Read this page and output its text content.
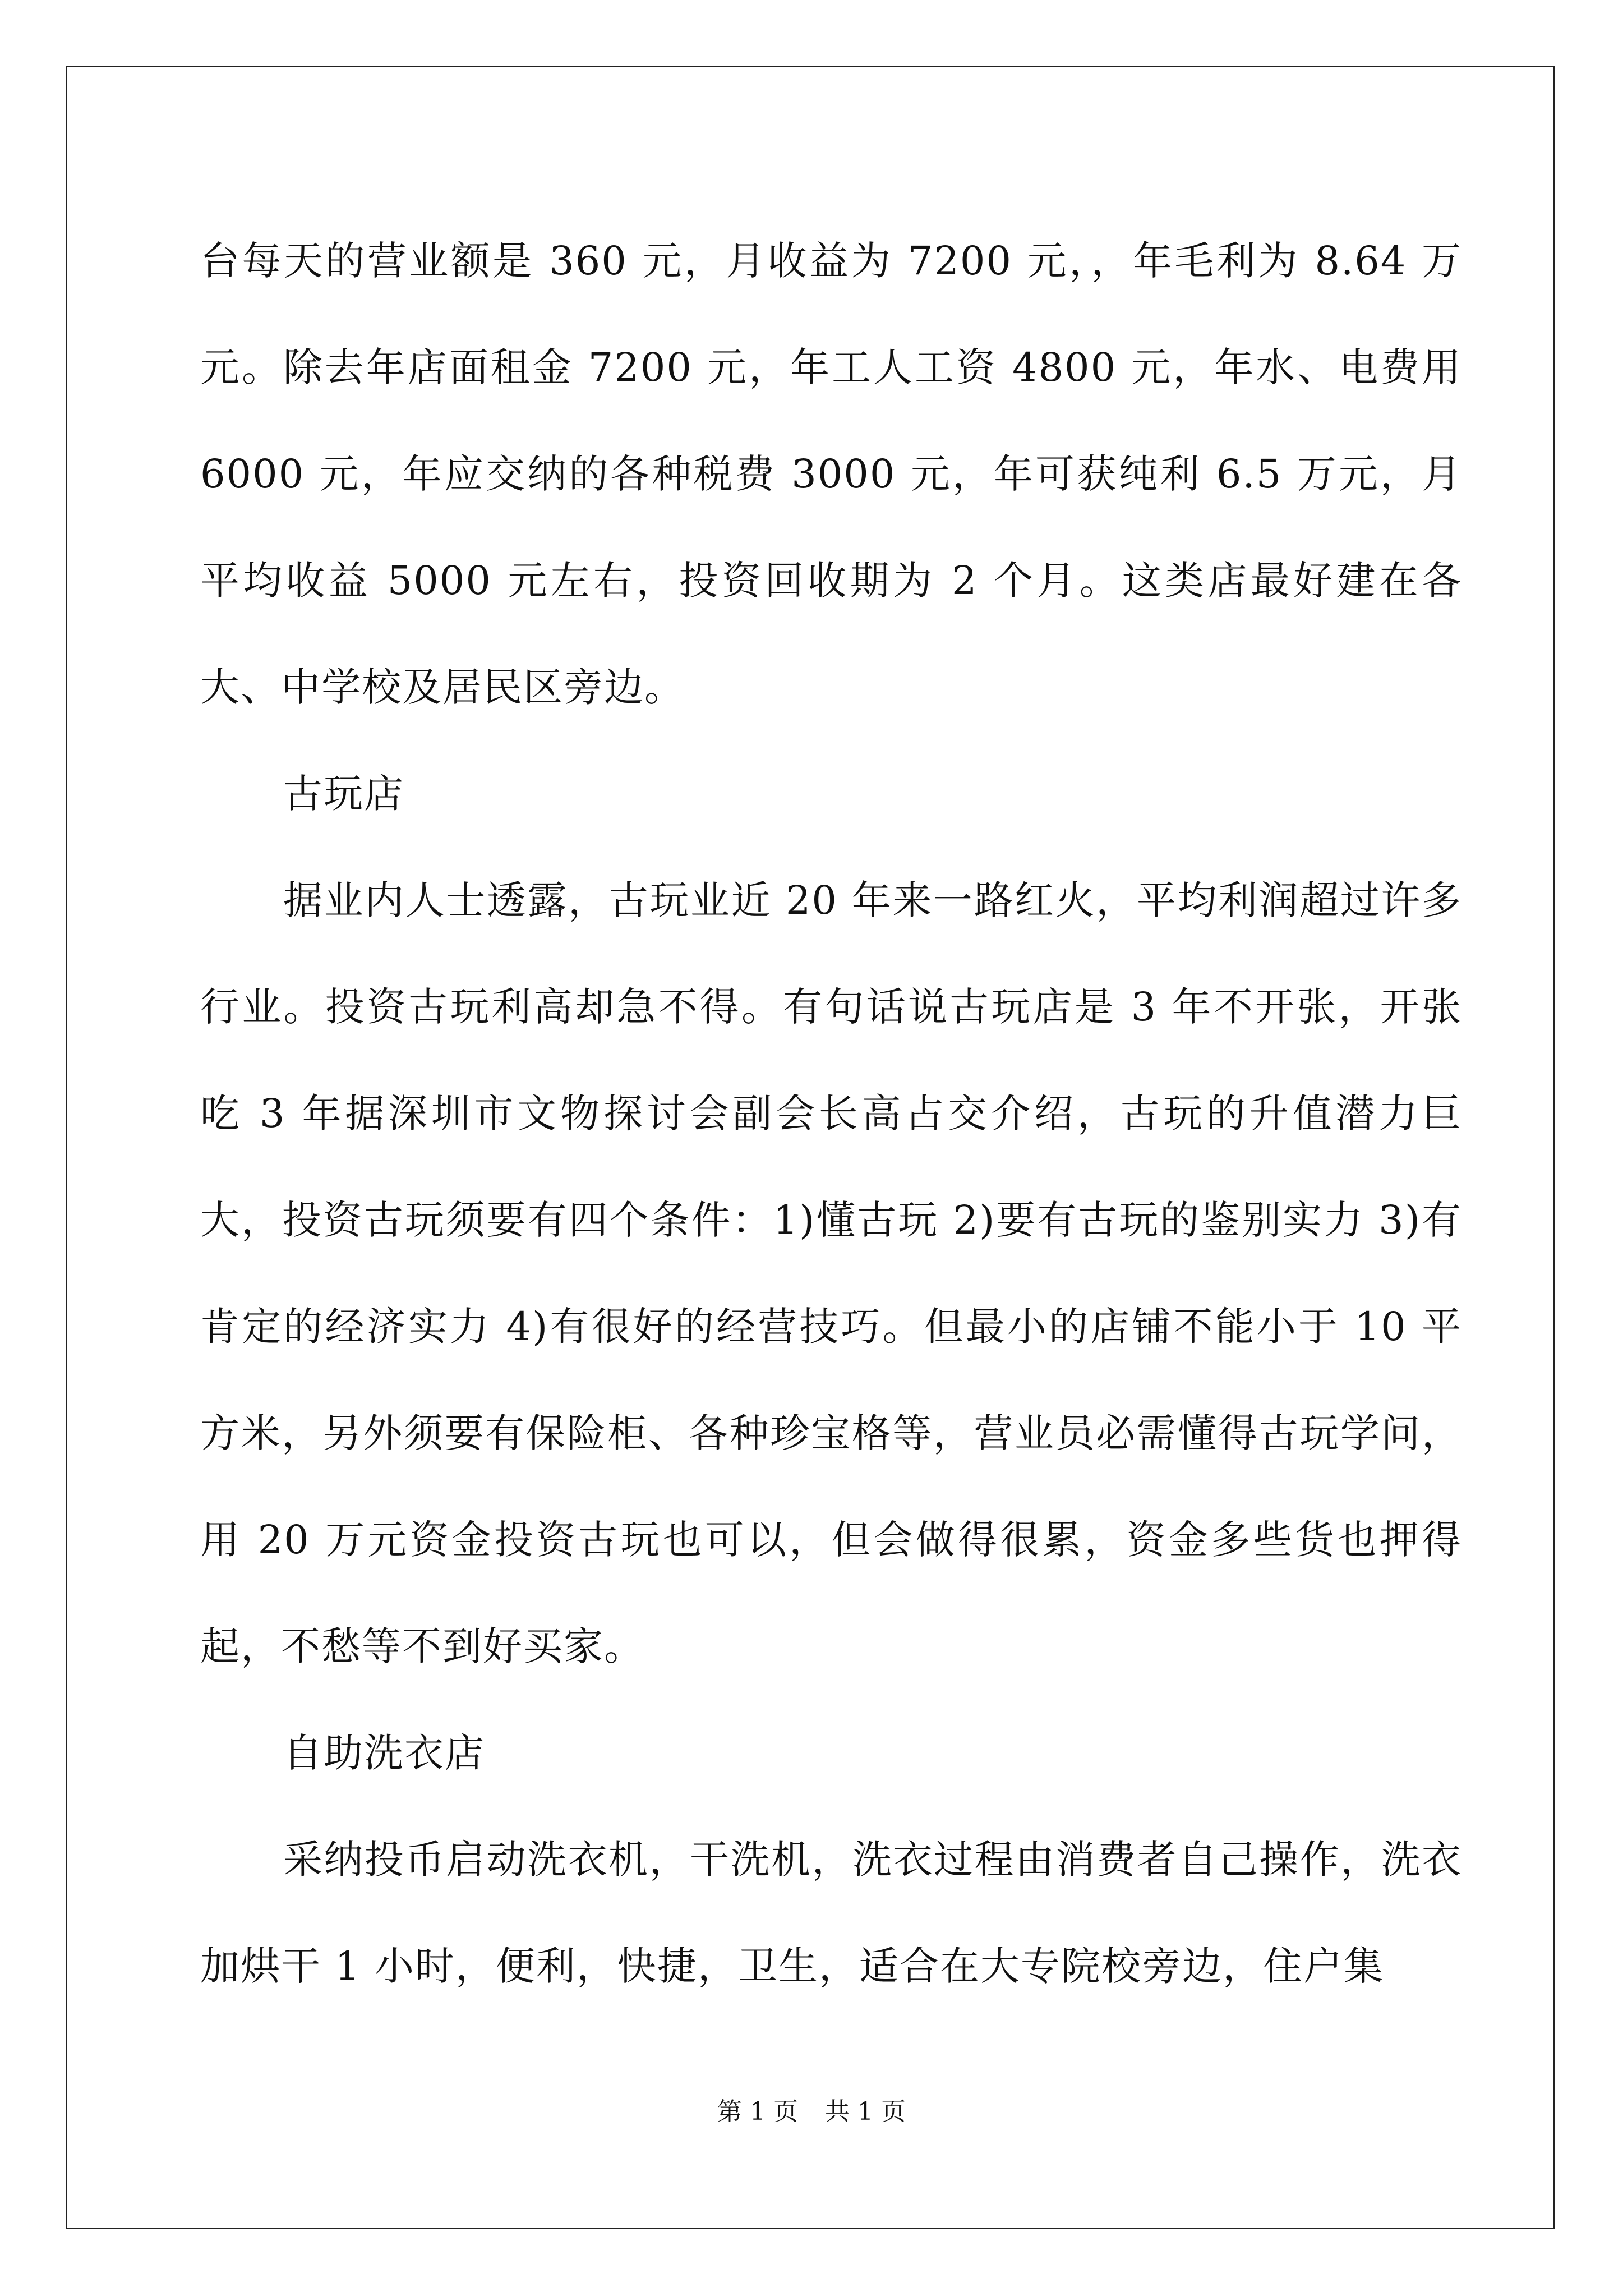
台每天的营业额是 360 元，月收益为 7200 元，，年毛利为 8.64 万元。除去年店面租金 7200 元，年工人工资 4800 元，年水、电费用 6000 元，年应交纳的各种税费 3000 元，年可获纯利 6.5 万元，月平均收益 5000 元左右，投资回收期为 2 个月。这类店最好建在各大、中学校及居民区旁边。

古玩店

据业内人士透露，古玩业近 20 年来一路红火，平均利润超过许多行业。投资古玩利高却急不得。有句话说古玩店是 3 年不开张，开张吃 3 年据深圳市文物探讨会副会长高占交介绍，古玩的升值潜力巨大，投资古玩须要有四个条件：1)懂古玩 2)要有古玩的鉴别实力 3)有肯定的经济实力 4)有很好的经营技巧。但最小的店铺不能小于 10 平方米，另外须要有保险柜、各种珍宝格等，营业员必需懂得古玩学问，用 20 万元资金投资古玩也可以，但会做得很累，资金多些货也押得起，不愁等不到好买家。

自助洗衣店

采纳投币启动洗衣机，干洗机，洗衣过程由消费者自己操作，洗衣加烘干 1 小时，便利，快捷，卫生，适合在大专院校旁边，住户集

第 1 页 共 1 页
